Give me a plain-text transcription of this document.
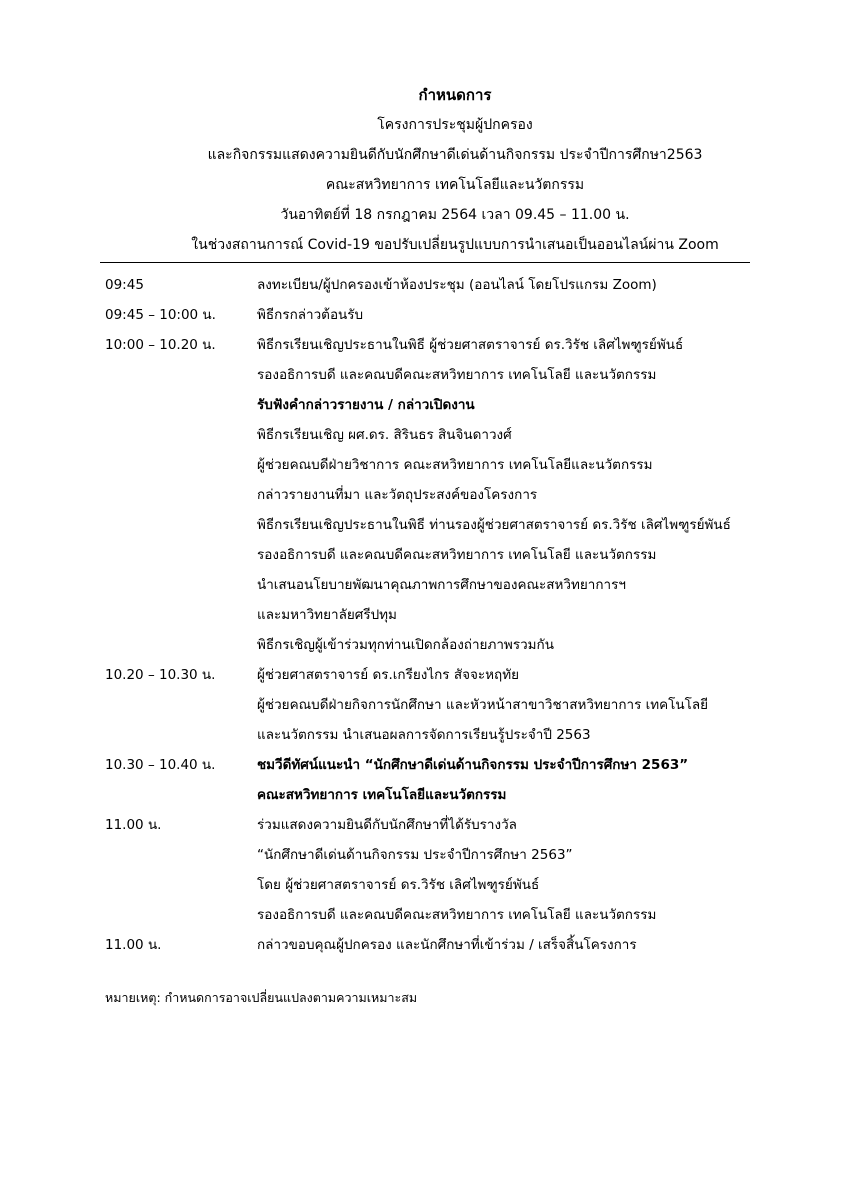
กำหนดการ
โครงการประชุมผู้ปกครอง
และกิจกรรมแสดงความยินดีกับนักศึกษาดีเด่นด้านกิจกรรม ประจำปีการศึกษา2563
คณะสหวิทยาการ เทคโนโลยีและนวัตกรรม
วันอาทิตย์ที่ 18 กรกฎาคม 2564 เวลา 09.45 – 11.00 น.
ในช่วงสถานการณ์ Covid-19 ขอปรับเปลี่ยนรูปแบบการนำเสนอเป็นออนไลน์ผ่าน Zoom
09:45	ลงทะเบียน/ผู้ปกครองเข้าห้องประชุม (ออนไลน์ โดยโปรแกรม Zoom)
09:45 – 10:00 น.	พิธีกรกล่าวต้อนรับ
10:00 – 10.20 น.	พิธีกรเรียนเชิญประธานในพิธี ผู้ช่วยศาสตราจารย์ ดร.วิรัช เลิศไพฑูรย์พันธ์
รองอธิการบดี และคณบดีคณะสหวิทยาการ เทคโนโลยี และนวัตกรรม
รับฟังคำกล่าวรายงาน / กล่าวเปิดงาน
พิธีกรเรียนเชิญ ผศ.ดร. สิรินธร สินจินดาวงศ์
ผู้ช่วยคณบดีฝ่ายวิชาการ คณะสหวิทยาการ เทคโนโลยีและนวัตกรรม
กล่าวรายงานที่มา และวัตถุประสงค์ของโครงการ
พิธีกรเรียนเชิญประธานในพิธี ท่านรองผู้ช่วยศาสตราจารย์ ดร.วิรัช เลิศไพฑูรย์พันธ์
รองอธิการบดี และคณบดีคณะสหวิทยาการ เทคโนโลยี และนวัตกรรม
นำเสนอนโยบายพัฒนาคุณภาพการศึกษาของคณะสหวิทยาการฯ
และมหาวิทยาลัยศรีปทุม
พิธีกรเชิญผู้เข้าร่วมทุกท่านเปิดกล้องถ่ายภาพรวมกัน
10.20 – 10.30 น.	ผู้ช่วยศาสตราจารย์ ดร.เกรียงไกร สัจจะหฤทัย
ผู้ช่วยคณบดีฝ่ายกิจการนักศึกษา และหัวหน้าสาขาวิชาสหวิทยาการ เทคโนโลยี
และนวัตกรรม นำเสนอผลการจัดการเรียนรู้ประจำปี 2563
10.30 – 10.40 น.	ชมวีดีทัศน์แนะนำ “นักศึกษาดีเด่นด้านกิจกรรม ประจำปีการศึกษา 2563”
คณะสหวิทยาการ เทคโนโลยีและนวัตกรรม
11.00 น.	ร่วมแสดงความยินดีกับนักศึกษาที่ได้รับรางวัล
“นักศึกษาดีเด่นด้านกิจกรรม ประจำปีการศึกษา 2563”
โดย ผู้ช่วยศาสตราจารย์ ดร.วิรัช เลิศไพฑูรย์พันธ์
รองอธิการบดี และคณบดีคณะสหวิทยาการ เทคโนโลยี และนวัตกรรม
11.00 น.	กล่าวขอบคุณผู้ปกครอง และนักศึกษาที่เข้าร่วม / เสร็จสิ้นโครงการ
หมายเหตุ: กำหนดการอาจเปลี่ยนแปลงตามความเหมาะสม
